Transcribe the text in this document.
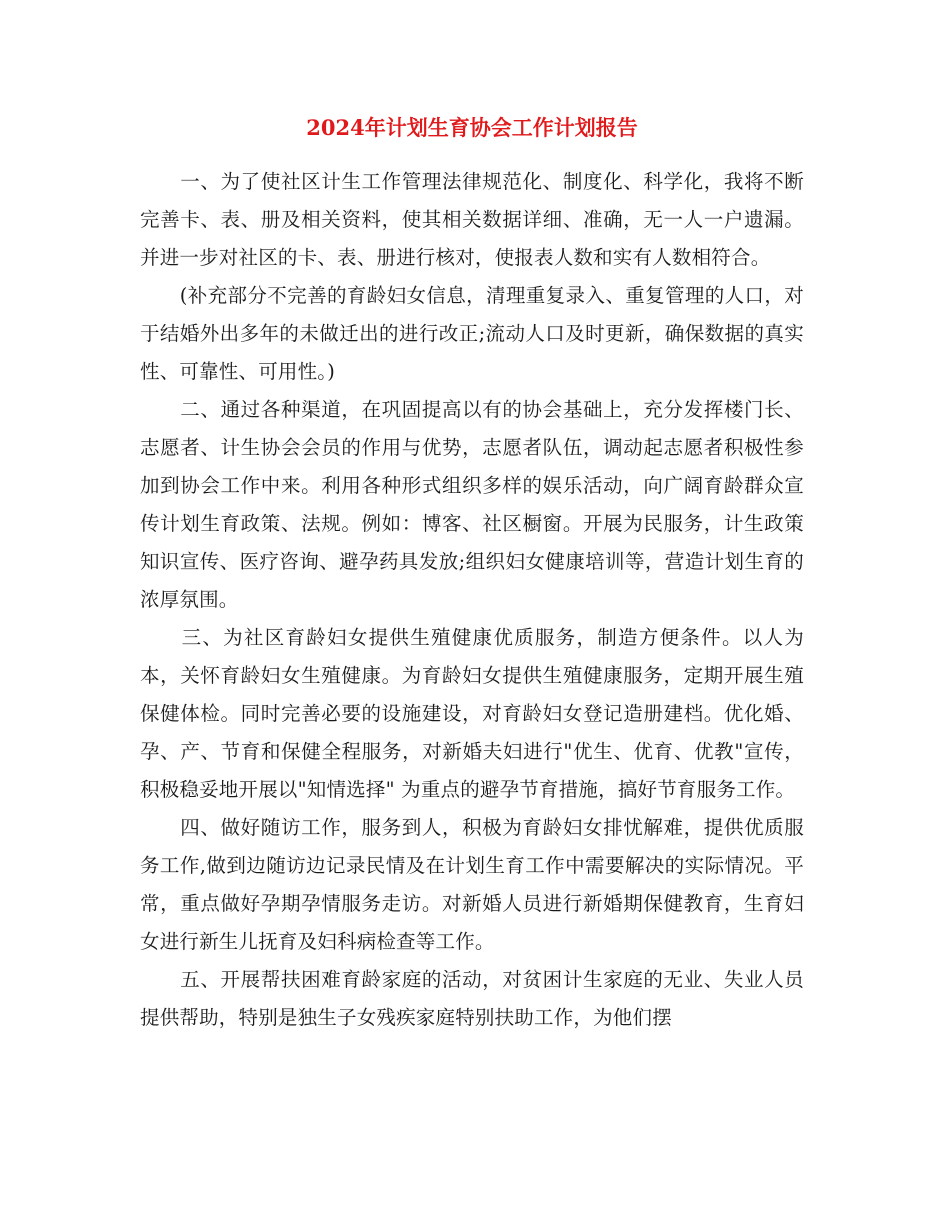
2024年计划生育协会工作计划报告

　　一、为了使社区计生工作管理法律规范化、制度化、科学化，我将不断完善卡、表、册及相关资料，使其相关数据详细、准确，无一人一户遗漏。并进一步对社区的卡、表、册进行核对，使报表人数和实有人数相符合。

　　(补充部分不完善的育龄妇女信息，清理重复录入、重复管理的人口，对于结婚外出多年的未做迁出的进行改正;流动人口及时更新，确保数据的真实性、可靠性、可用性。)

　　二、通过各种渠道，在巩固提高以有的协会基础上，充分发挥楼门长、志愿者、计生协会会员的作用与优势，志愿者队伍，调动起志愿者积极性参加到协会工作中来。利用各种形式组织多样的娱乐活动，向广阔育龄群众宣传计划生育政策、法规。例如：博客、社区橱窗。开展为民服务，计生政策知识宣传、医疗咨询、避孕药具发放;组织妇女健康培训等，营造计划生育的浓厚氛围。

　　三、为社区育龄妇女提供生殖健康优质服务，制造方便条件。以人为本，关怀育龄妇女生殖健康。为育龄妇女提供生殖健康服务，定期开展生殖保健体检。同时完善必要的设施建设，对育龄妇女登记造册建档。优化婚、孕、产、节育和保健全程服务，对新婚夫妇进行"优生、优育、优教"宣传，积极稳妥地开展以"知情选择" 为重点的避孕节育措施，搞好节育服务工作。

　　四、做好随访工作，服务到人，积极为育龄妇女排忧解难，提供优质服务工作,做到边随访边记录民情及在计划生育工作中需要解决的实际情况。平常，重点做好孕期孕情服务走访。对新婚人员进行新婚期保健教育，生育妇女进行新生儿抚育及妇科病检查等工作。

　　五、开展帮扶困难育龄家庭的活动，对贫困计生家庭的无业、失业人员提供帮助，特别是独生子女残疾家庭特别扶助工作，为他们摆
